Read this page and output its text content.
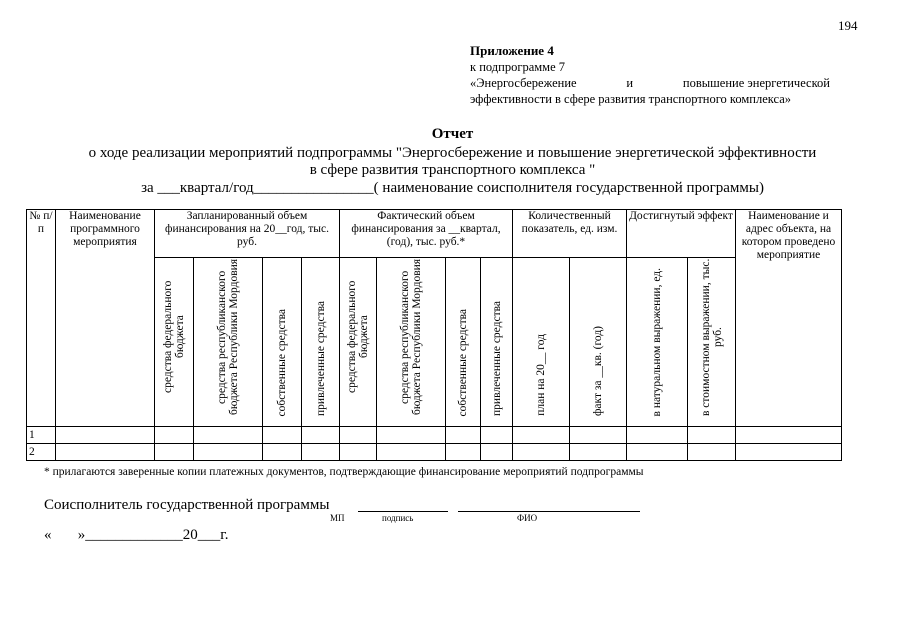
194
Приложение 4
к подпрограмме 7
«Энергосбережение	и	повышение энергетической
эффективности в сфере развития транспортного комплекса»
Отчет
о ходе реализации мероприятий подпрограммы "Энергосбережение и повышение энергетической эффективности
в сфере развития транспортного комплекса "
за ___квартал/год________________( наименование соисполнителя государственной программы)
№ п/п	Наименование программного мероприятия	Запланированный объем финансирования на 20__год, тыс. руб.				Фактический объем финансирования за __квартал, (год), тыс. руб.*				Количественный показатель, ед. изм.		Достигнутый эффект		Наименование и адрес объекта, на котором проведено мероприятие
		средства федерального бюджета	средства республиканского бюджета Республики Мордовия	собственные средства	привлеченные средства	средства федерального бюджета	средства республиканского бюджета Республики Мордовия	собственные средства	привлеченные средства	план на 20__ год	факт за __кв. (год)	в натуральном выражении, ед.	в стоимостном выражении, тыс. руб.	
1														
2														
* прилагаются заверенные копии платежных документов, подтверждающие финансирование мероприятий подпрограммы
Соисполнитель государственной программы
МП	подпись	ФИО
«       »_____________20___г.
